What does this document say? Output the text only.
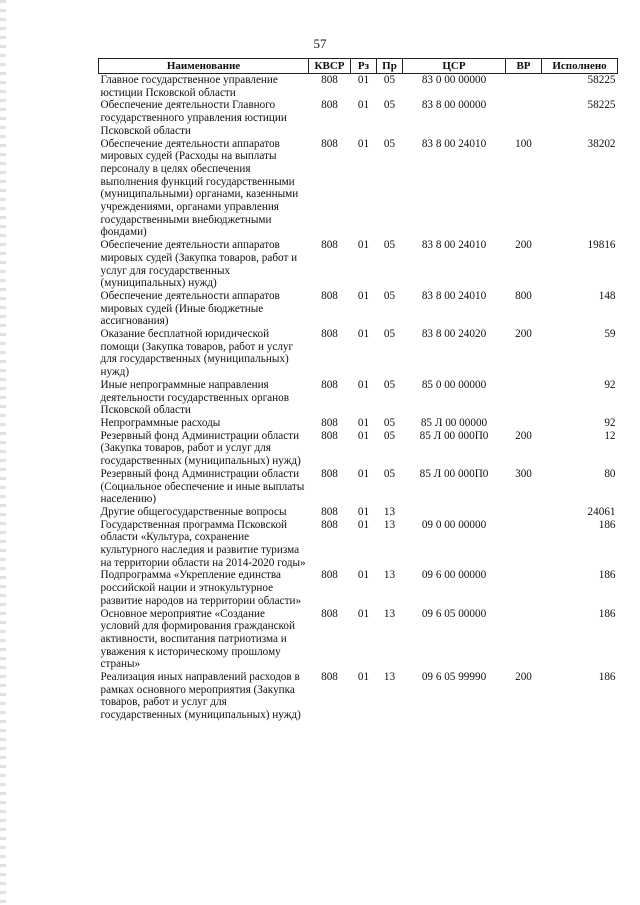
57
Наименование	КВСР	Рз	Пр	ЦСР	ВР	Исполнено
Главное государственное управление юстиции Псковской области	808	01	05	83 0 00 00000		58225
Обеспечение деятельности Главного государственного управления юстиции Псковской области	808	01	05	83 8 00 00000		58225
Обеспечение деятельности аппаратов мировых судей (Расходы на выплаты персоналу в целях обеспечения выполнения функций государственными (муниципальными) органами, казенными учреждениями, органами управления государственными внебюджетными фондами)	808	01	05	83 8 00 24010	100	38202
Обеспечение деятельности аппаратов мировых судей (Закупка товаров, работ и услуг для государственных (муниципальных) нужд)	808	01	05	83 8 00 24010	200	19816
Обеспечение деятельности аппаратов мировых судей (Иные бюджетные ассигнования)	808	01	05	83 8 00 24010	800	148
Оказание бесплатной юридической помощи (Закупка товаров, работ и услуг для государственных (муниципальных) нужд)	808	01	05	83 8 00 24020	200	59
Иные непрограммные направления деятельности государственных органов Псковской области	808	01	05	85 0 00 00000		92
Непрограммные расходы	808	01	05	85 Л 00 00000		92
Резервный фонд Администрации области (Закупка товаров, работ и услуг для государственных (муниципальных) нужд)	808	01	05	85 Л 00 000П0	200	12
Резервный фонд Администрации области (Социальное обеспечение и иные выплаты населению)	808	01	05	85 Л 00 000П0	300	80
Другие общегосударственные вопросы	808	01	13			24061
Государственная программа Псковской области «Культура, сохранение культурного наследия и развитие туризма на территории области на 2014-2020 годы»	808	01	13	09 0 00 00000		186
Подпрограмма «Укрепление единства российской нации и этнокультурное развитие народов на территории области»	808	01	13	09 6 00 00000		186
Основное мероприятие «Создание условий для формирования гражданской активности, воспитания патриотизма и уважения к историческому прошлому страны»	808	01	13	09 6 05 00000		186
Реализация иных направлений расходов в рамках основного мероприятия (Закупка товаров, работ и услуг для государственных (муниципальных) нужд)	808	01	13	09 6 05 99990	200	186
